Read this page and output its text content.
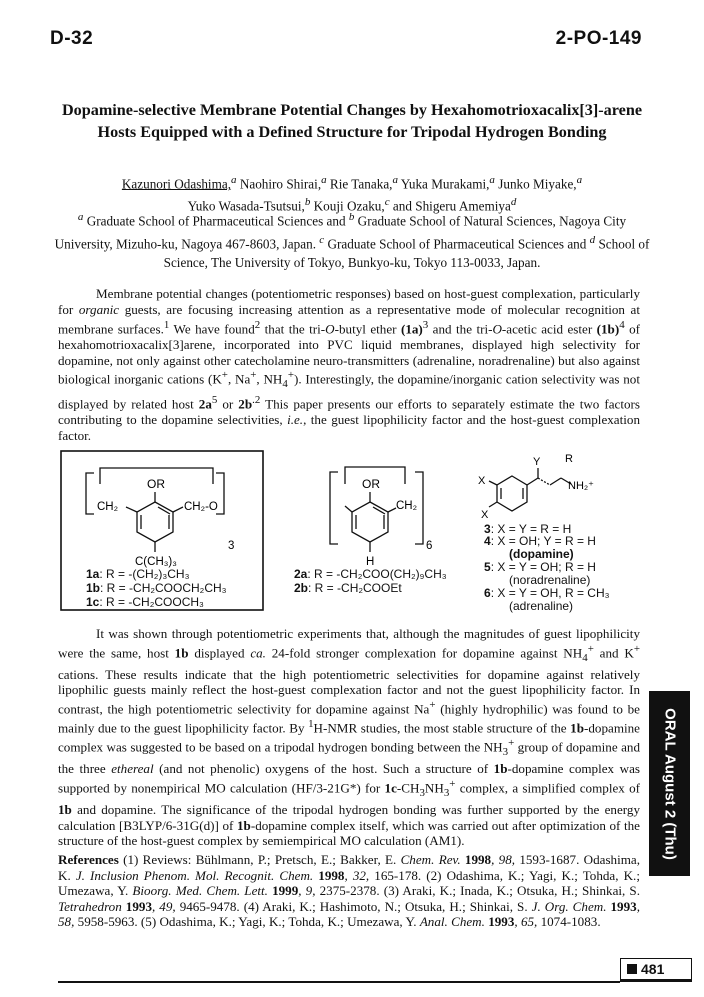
D-32	2-PO-149
Dopamine-selective Membrane Potential Changes by Hexahomotrioxacalix[3]-arene Hosts Equipped with a Defined Structure for Tripodal Hydrogen Bonding
Kazunori Odashima,$^a$ Naohiro Shirai,$^a$ Rie Tanaka,$^a$ Yuka Murakami,$^a$ Junko Miyake,$^a$
Yuko Wasada-Tsutsui,$^b$ Kouji Ozaku,$^c$ and Shigeru Amemiya$^d$
$^a$ Graduate School of Pharmaceutical Sciences and $^b$ Graduate School of Natural Sciences, Nagoya City University, Mizuho-ku, Nagoya 467-8603, Japan. $^c$ Graduate School of Pharmaceutical Sciences and $^d$ School of Science, The University of Tokyo, Bunkyo-ku, Tokyo 113-0033, Japan.

Membrane potential changes (potentiometric responses) based on host-guest complexation, particularly for organic guests, are focusing increasing attention as a representative mode of molecular recognition at membrane surfaces.$^1$ We have found$^2$ that the tri-O-butyl ether $(1a)^3$ and the tri-O-acetic acid ester $(1b)^4$ of hexahomotrioxacalix[3]arene, incorporated into PVC liquid membranes, displayed high selectivity for dopamine, not only against other catecholamine neuro-transmitters (adrenaline, noradrenaline) but also against biological inorganic cations (K+, Na+, $NH_4^+$). Interestingly, the dopamine/inorganic cation selectivity was not displayed by related host $2a^5$ or $2b^{.2}$ This paper presents our efforts to separately estimate the two factors contributing to the dopamine selectivities, i.e., the guest lipophilicity factor and the host-guest complexation factor.

OR
CH₂	CH₂-O
C(CH₃)₃
3
OR
CH₂
H
6
Y R
X
X
NH₂⁺
1a: R = -(CH₂)₃CH₃
1b: R = -CH₂COOCH₂CH₃
1c: R = -CH₂COOCH₃
2a: R = -CH₂COO(CH₂)₉CH₃
2b: R = -CH₂COOEt
3: X = Y = R = H
4: X = OH; Y = R = H
(dopamine)
5: X = Y = OH; R = H
(noradrenaline)
6: X = Y = OH, R = CH₃
(adrenaline)

It was shown through potentiometric experiments that, although the magnitudes of guest lipophilicity were the same, host 1b displayed ca. 24-fold stronger complexation for dopamine against $NH_4^+$ and K+ cations. These results indicate that the high potentiometric selectivities for dopamine against relatively lipophilic guests mainly reflect the host-guest complexation factor and not the guest lipophilicity factor. In contrast, the high potentiometric selectivity for dopamine against Na+ (highly hydrophilic) was found to be mainly due to the guest lipophilicity factor. By $^1$H-NMR studies, the most stable structure of the 1b-dopamine complex was suggested to be based on a tripodal hydrogen bonding between the $NH_3^+$ group of dopamine and the three ethereal (and not phenolic) oxygens of the host. Such a structure of 1b-dopamine complex was supported by nonempirical MO calculation (HF/3-21G*) for $1c-CH_3NH_3^+$ complex, a simplified complex of 1b and dopamine. The significance of the tripodal hydrogen bonding was further supported by the energy calculation [B3LYP/6-31G(d)] of 1b-dopamine complex itself, which was carried out after optimization of the structure of the host-guest complex by semiempirical MO calculation (AM1).

References (1) Reviews: Bühlmann, P.; Pretsch, E.; Bakker, E. Chem. Rev. 1998, 98, 1593-1687. Odashima, K. J. Inclusion Phenom. Mol. Recognit. Chem. 1998, 32, 165-178. (2) Odashima, K.; Yagi, K.; Tohda, K.; Umezawa, Y. Bioorg. Med. Chem. Lett. 1999, 9, 2375-2378. (3) Araki, K.; Inada, K.; Otsuka, H.; Shinkai, S. Tetrahedron 1993, 49, 9465-9478. (4) Araki, K.; Hashimoto, N.; Otsuka, H.; Shinkai, S. J. Org. Chem. 1993, 58, 5958-5963. (5) Odashima, K.; Yagi, K.; Tohda, K.; Umezawa, Y. Anal. Chem. 1993, 65, 1074-1083.

ORAL August 2 (Thu)
481
